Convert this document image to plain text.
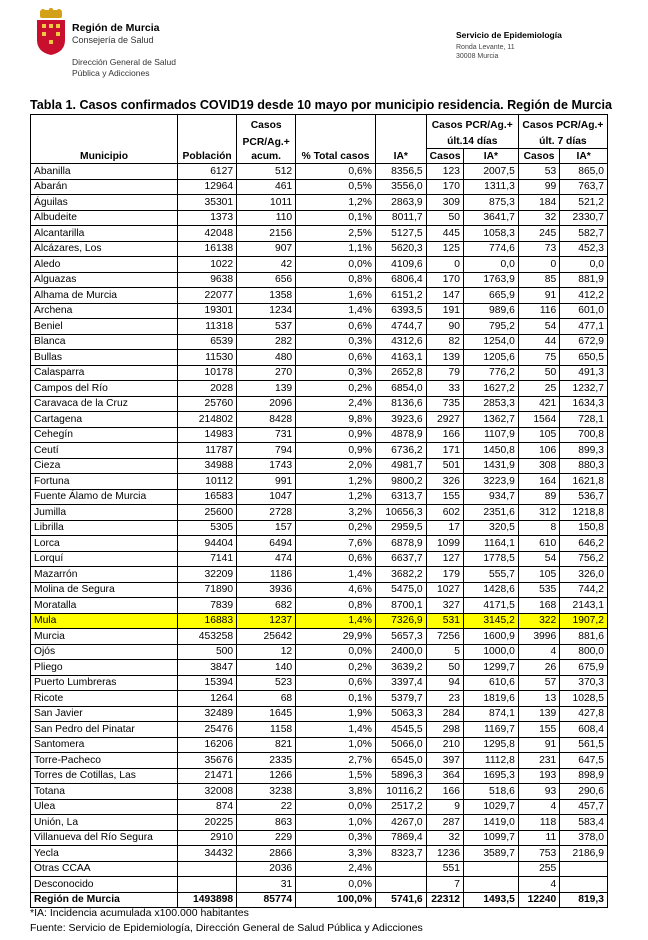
Región de Murcia
Consejería de Salud
Dirección General de Salud
Pública y Adicciones
Servicio de Epidemiología
Ronda Levante, 11
30008 Murcia
Tabla 1. Casos confirmados COVID19 desde 10 mayo por municipio residencia. Región de Murcia
		Casos			Casos PCR/Ag.+		Casos PCR/Ag.+	
		PCR/Ag.+			últ.14 días		últ. 7 días	
Municipio	Población	acum.	% Total casos	IA*	Casos	IA*	Casos	IA*
Abanilla	6127	512	0,6%	8356,5	123	2007,5	53	865,0
Abarán	12964	461	0,5%	3556,0	170	1311,3	99	763,7
Águilas	35301	1011	1,2%	2863,9	309	875,3	184	521,2
Albudeite	1373	110	0,1%	8011,7	50	3641,7	32	2330,7
Alcantarilla	42048	2156	2,5%	5127,5	445	1058,3	245	582,7
Alcázares, Los	16138	907	1,1%	5620,3	125	774,6	73	452,3
Aledo	1022	42	0,0%	4109,6	0	0,0	0	0,0
Alguazas	9638	656	0,8%	6806,4	170	1763,9	85	881,9
Alhama de Murcia	22077	1358	1,6%	6151,2	147	665,9	91	412,2
Archena	19301	1234	1,4%	6393,5	191	989,6	116	601,0
Beniel	11318	537	0,6%	4744,7	90	795,2	54	477,1
Blanca	6539	282	0,3%	4312,6	82	1254,0	44	672,9
Bullas	11530	480	0,6%	4163,1	139	1205,6	75	650,5
Calasparra	10178	270	0,3%	2652,8	79	776,2	50	491,3
Campos del Río	2028	139	0,2%	6854,0	33	1627,2	25	1232,7
Caravaca de la Cruz	25760	2096	2,4%	8136,6	735	2853,3	421	1634,3
Cartagena	214802	8428	9,8%	3923,6	2927	1362,7	1564	728,1
Cehegín	14983	731	0,9%	4878,9	166	1107,9	105	700,8
Ceutí	11787	794	0,9%	6736,2	171	1450,8	106	899,3
Cieza	34988	1743	2,0%	4981,7	501	1431,9	308	880,3
Fortuna	10112	991	1,2%	9800,2	326	3223,9	164	1621,8
Fuente Álamo de Murcia	16583	1047	1,2%	6313,7	155	934,7	89	536,7
Jumilla	25600	2728	3,2%	10656,3	602	2351,6	312	1218,8
Librilla	5305	157	0,2%	2959,5	17	320,5	8	150,8
Lorca	94404	6494	7,6%	6878,9	1099	1164,1	610	646,2
Lorquí	7141	474	0,6%	6637,7	127	1778,5	54	756,2
Mazarrón	32209	1186	1,4%	3682,2	179	555,7	105	326,0
Molina de Segura	71890	3936	4,6%	5475,0	1027	1428,6	535	744,2
Moratalla	7839	682	0,8%	8700,1	327	4171,5	168	2143,1
Mula	16883	1237	1,4%	7326,9	531	3145,2	322	1907,2
Murcia	453258	25642	29,9%	5657,3	7256	1600,9	3996	881,6
Ojós	500	12	0,0%	2400,0	5	1000,0	4	800,0
Pliego	3847	140	0,2%	3639,2	50	1299,7	26	675,9
Puerto Lumbreras	15394	523	0,6%	3397,4	94	610,6	57	370,3
Ricote	1264	68	0,1%	5379,7	23	1819,6	13	1028,5
San Javier	32489	1645	1,9%	5063,3	284	874,1	139	427,8
San Pedro del Pinatar	25476	1158	1,4%	4545,5	298	1169,7	155	608,4
Santomera	16206	821	1,0%	5066,0	210	1295,8	91	561,5
Torre-Pacheco	35676	2335	2,7%	6545,0	397	1112,8	231	647,5
Torres de Cotillas, Las	21471	1266	1,5%	5896,3	364	1695,3	193	898,9
Totana	32008	3238	3,8%	10116,2	166	518,6	93	290,6
Ulea	874	22	0,0%	2517,2	9	1029,7	4	457,7
Unión, La	20225	863	1,0%	4267,0	287	1419,0	118	583,4
Villanueva del Río Segura	2910	229	0,3%	7869,4	32	1099,7	11	378,0
Yecla	34432	2866	3,3%	8323,7	1236	3589,7	753	2186,9
Otras CCAA		2036	2,4%		551		255	
Desconocido		31	0,0%		7		4	
Región de Murcia	1493898	85774	100,0%	5741,6	22312	1493,5	12240	819,3
*IA: Incidencia acumulada x100.000 habitantes
Fuente: Servicio de Epidemiología, Dirección General de Salud Pública y Adicciones
